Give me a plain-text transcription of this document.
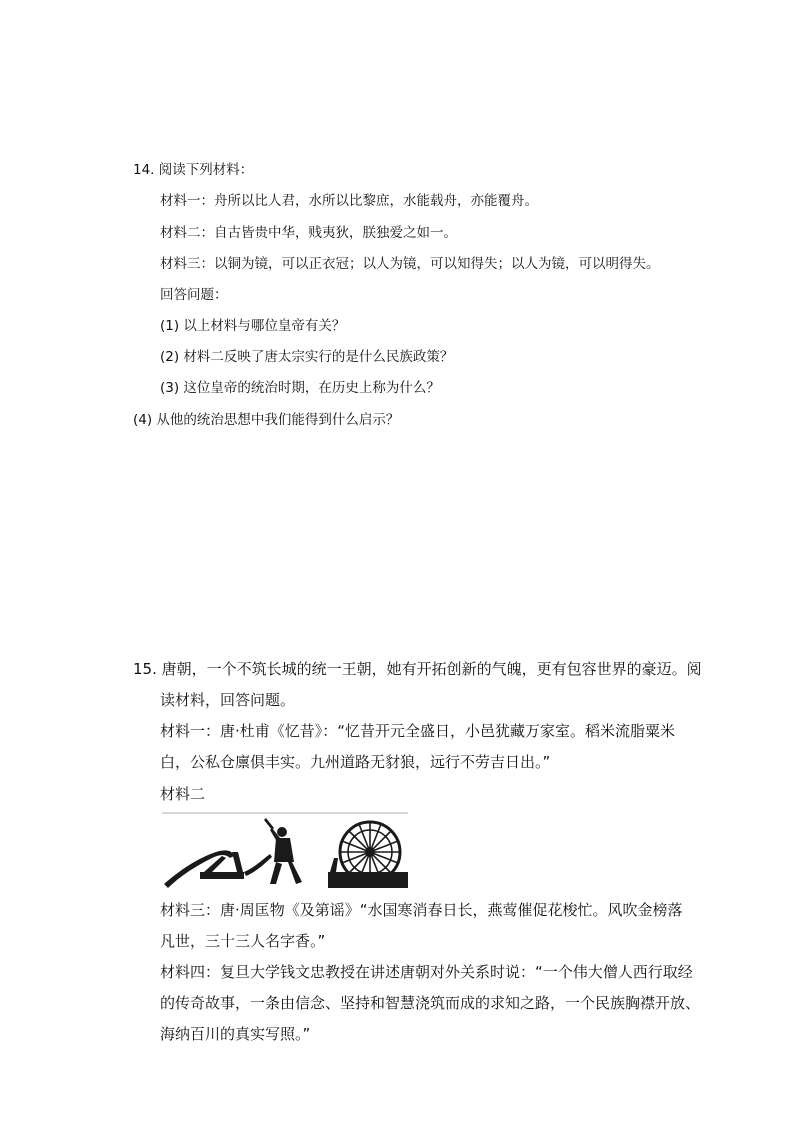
14. 阅读下列材料：
材料一：舟所以比人君，水所以比黎庶，水能载舟，亦能覆舟。
材料二：自古皆贵中华，贱夷狄，朕独爱之如一。
材料三：以铜为镜，可以正衣冠；以人为镜，可以知得失；以人为镜，可以明得失。
回答问题：
(1) 以上材料与哪位皇帝有关？
(2) 材料二反映了唐太宗实行的是什么民族政策？
(3) 这位皇帝的统治时期，在历史上称为什么？
(4) 从他的统治思想中我们能得到什么启示？
15. 唐朝，一个不筑长城的统一王朝，她有开拓创新的气魄，更有包容世界的豪迈。阅
读材料，回答问题。
材料一：唐·杜甫《忆昔》：“忆昔开元全盛日，小邑犹藏万家室。稻米流脂粟米
白，公私仓廪俱丰实。九州道路无豺狼，远行不劳吉日出。”
材料二
材料三：唐·周匡物《及第谣》“水国寒消春日长，燕莺催促花梭忙。风吹金榜落
凡世，三十三人名字香。”
材料四：复旦大学钱文忠教授在讲述唐朝对外关系时说：“一个伟大僧人西行取经
的传奇故事，一条由信念、坚持和智慧浇筑而成的求知之路，一个民族胸襟开放、
海纳百川的真实写照。”
